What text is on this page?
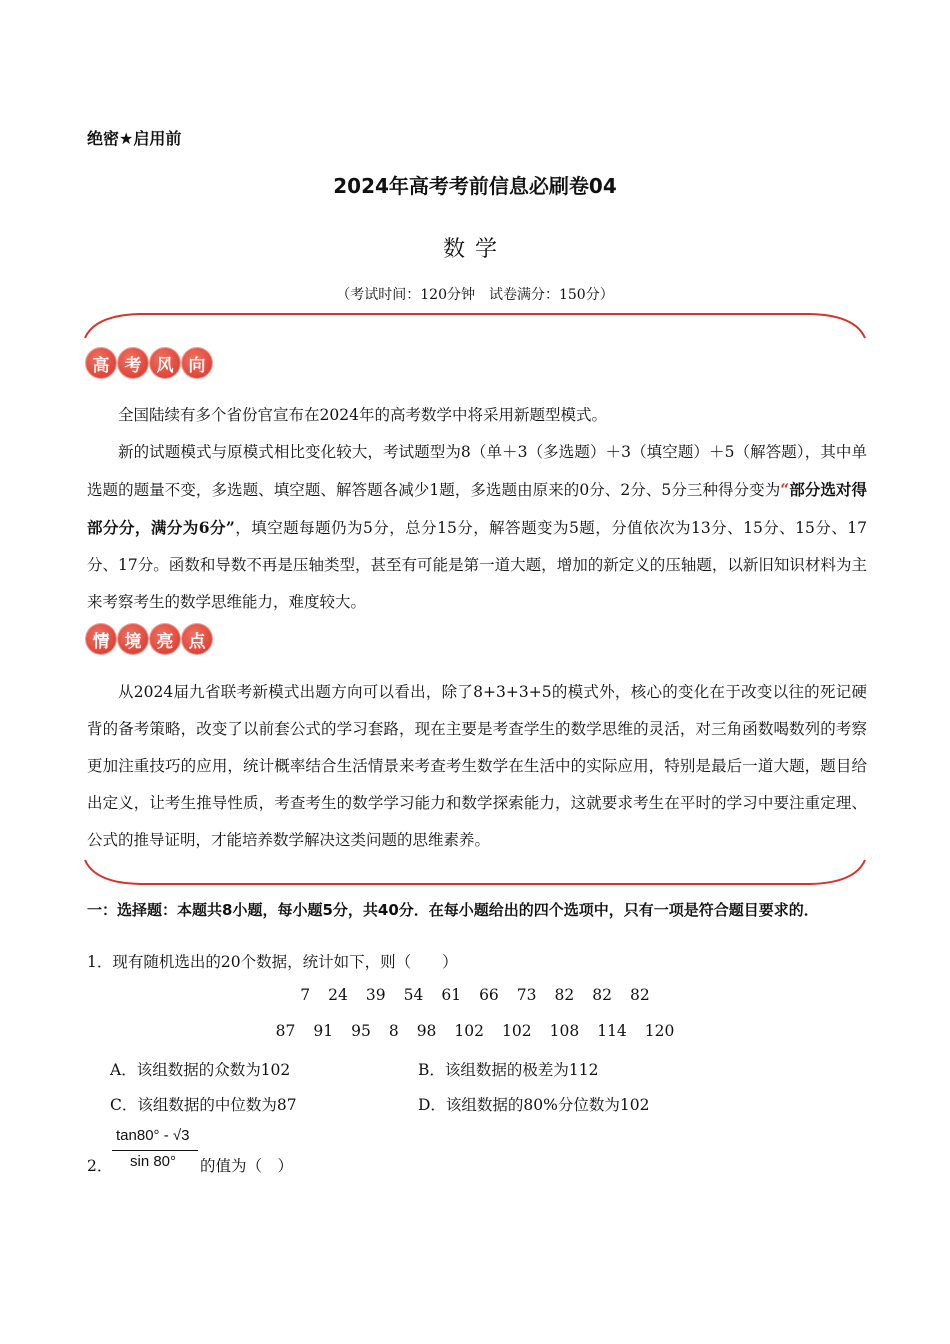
绝密★启用前
2024年高考考前信息必刷卷04
数学
（考试时间：120分钟　试卷满分：150分）
高 考 风 向

全国陆续有多个省份官宣布在2024年的高考数学中将采用新题型模式。

新的试题模式与原模式相比变化较大，考试题型为8（单＋3（多选题）＋3（填空题）＋5（解答题），其中单选题的题量不变，多选题、填空题、解答题各减少1题，多选题由原来的0分、2分、5分三种得分变为“部分选对得部分分，满分为6分”，填空题每题仍为5分，总分15分，解答题变为5题，分值依次为13分、15分、15分、17分、17分。函数和导数不再是压轴类型，甚至有可能是第一道大题，增加的新定义的压轴题，以新旧知识材料为主来考察考生的数学思维能力，难度较大。

情 境 亮 点

从2024届九省联考新模式出题方向可以看出，除了8+3+3+5的模式外，核心的变化在于改变以往的死记硬背的备考策略，改变了以前套公式的学习套路，现在主要是考查学生的数学思维的灵活，对三角函数喝数列的考察更加注重技巧的应用，统计概率结合生活情景来考查考生数学在生活中的实际应用，特别是最后一道大题，题目给出定义，让考生推导性质，考查考生的数学学习能力和数学探索能力，这就要求考生在平时的学习中要注重定理、公式的推导证明，才能培养数学解决这类问题的思维素养。

一：选择题：本题共8小题，每小题5分，共40分．在每小题给出的四个选项中，只有一项是符合题目要求的．
1．现有随机选出的20个数据，统计如下，则（　　）
7 24 39 54 61 66 73 82 82 82
87 91 95 8 98 102 102 108 114 120
A．该组数据的众数为102	B．该组数据的极差为112
C．该组数据的中位数为87	D．该组数据的80%分位数为102
2．
tan80° - √3
sin 80° 的值为（　）
